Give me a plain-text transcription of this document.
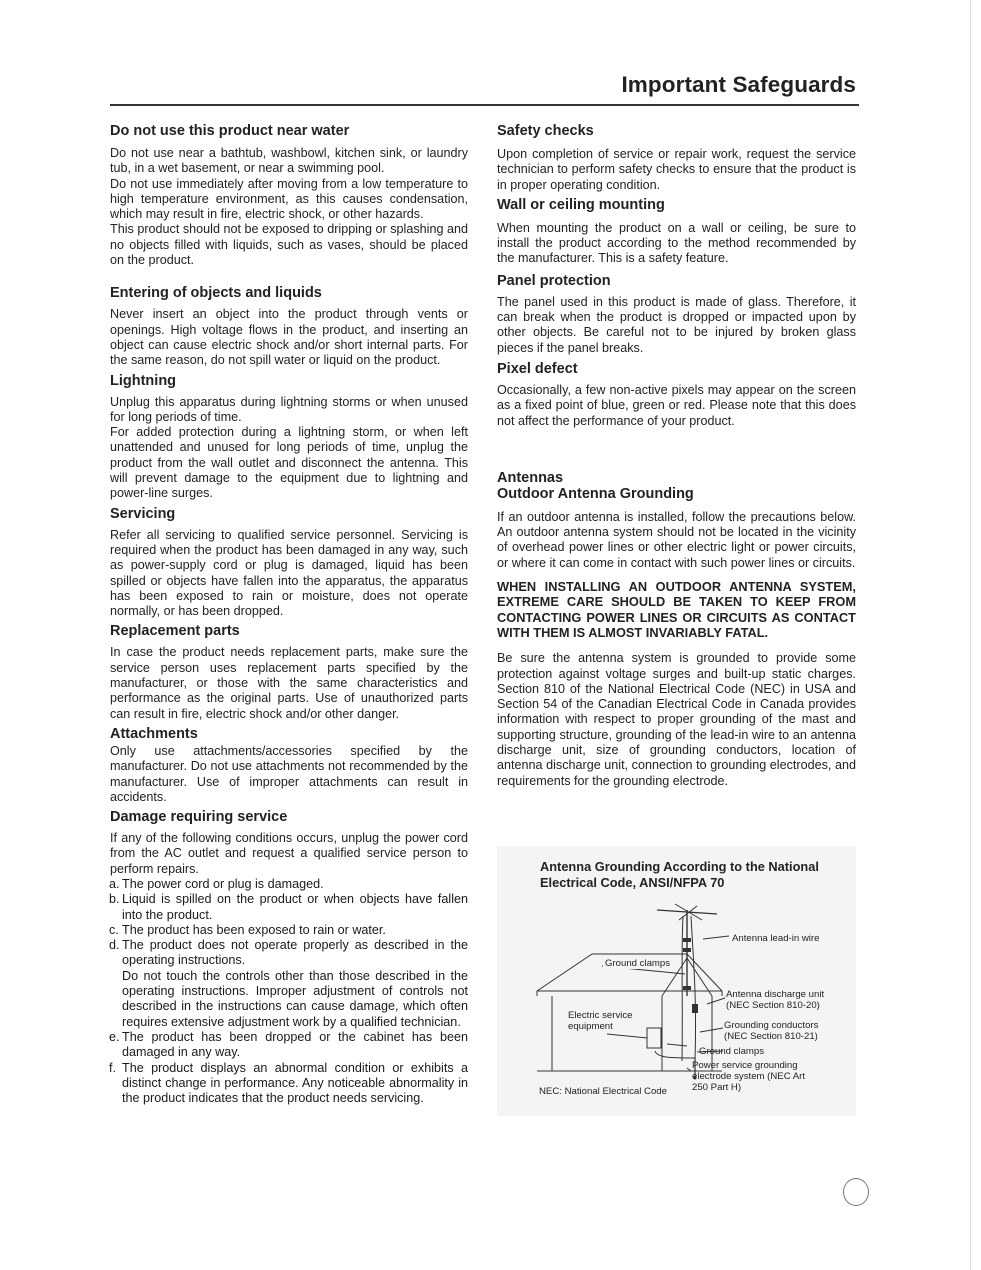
Important Safeguards
Do not use this product near water

Do not use near a bathtub, washbowl, kitchen sink, or laundry tub, in a wet basement, or near a swimming pool.

Do not use immediately after moving from a low temperature to high temperature environment, as this causes condensation, which may result in fire, electric shock, or other hazards.

This product should not be exposed to dripping or splashing and no objects filled with liquids, such as vases, should be placed on the product.

Entering of objects and liquids

Never insert an object into the product through vents or openings. High voltage flows in the product, and inserting an object can cause electric shock and/or short internal parts. For the same reason, do not spill water or liquid on the product.

Lightning

Unplug this apparatus during lightning storms or when unused for long periods of time.

For added protection during a lightning storm, or when left unattended and unused for long periods of time, unplug the product from the wall outlet and disconnect the antenna. This will prevent damage to the equipment due to lightning and power-line surges.

Servicing

Refer all servicing to qualified service personnel. Servicing is required when the product has been damaged in any way, such as power-supply cord or plug is damaged, liquid has been spilled or objects have fallen into the apparatus, the apparatus has been exposed to rain or moisture, does not operate normally, or has been dropped.

Replacement parts

In case the product needs replacement parts, make sure the service person uses replacement parts specified by the manufacturer, or those with the same characteristics and performance as the original parts. Use of unauthorized parts can result in fire, electric shock and/or other danger.

Attachments

Only use attachments/accessories specified by the manufacturer. Do not use attachments not recommended by the manufacturer. Use of improper attachments can result in accidents.

Damage requiring service

If any of the following conditions occurs, unplug the power cord from the AC outlet and request a qualified service person to perform repairs.

a. The power cord or plug is damaged.
b. Liquid is spilled on the product or when objects have fallen into the product.
c. The product has been exposed to rain or water.
d. The product does not operate properly as described in the operating instructions.
Do not touch the controls other than those described in the operating instructions. Improper adjustment of controls not described in the instructions can cause damage, which often requires extensive adjustment work by a qualified technician.
e. The product has been dropped or the cabinet has been damaged in any way.
f. The product displays an abnormal condition or exhibits a distinct change in performance. Any noticeable abnormality in the product indicates that the product needs servicing.
Safety checks

Upon completion of service or repair work, request the service technician to perform safety checks to ensure that the product is in proper operating condition.

Wall or ceiling mounting

When mounting the product on a wall or ceiling, be sure to install the product according to the method recommended by the manufacturer. This is a safety feature.

Panel protection

The panel used in this product is made of glass. Therefore, it can break when the product is dropped or impacted upon by other objects. Be careful not to be injured by broken glass pieces if the panel breaks.

Pixel defect

Occasionally, a few non-active pixels may appear on the screen as a fixed point of blue, green or red. Please note that this does not affect the performance of your product.

Antennas
Outdoor Antenna Grounding

If an outdoor antenna is installed, follow the precautions below. An outdoor antenna system should not be located in the vicinity of overhead power lines or other electric light or power circuits, or where it can come in contact with such power lines or circuits.

WHEN INSTALLING AN OUTDOOR ANTENNA SYSTEM, EXTREME CARE SHOULD BE TAKEN TO KEEP FROM CONTACTING POWER LINES OR CIRCUITS AS CONTACT WITH THEM IS ALMOST INVARIABLY FATAL.

Be sure the antenna system is grounded to provide some protection against voltage surges and built-up static charges. Section 810 of the National Electrical Code (NEC) in USA and Section 54 of the Canadian Electrical Code in Canada provides information with respect to proper grounding of the mast and supporting structure, grounding of the lead-in wire to an antenna discharge unit, size of grounding conductors, location of antenna discharge unit, connection to grounding electrodes, and requirements for the grounding electrode.

Antenna Grounding According to the National Electrical Code, ANSI/NFPA 70
Antenna lead-in wire
Ground clamps
Electric service equipment
Antenna discharge unit (NEC Section 810-20)
Grounding conductors (NEC Section 810-21)
Ground clamps
Power service grounding electrode system (NEC Art 250 Part H)
NEC: National Electrical Code
